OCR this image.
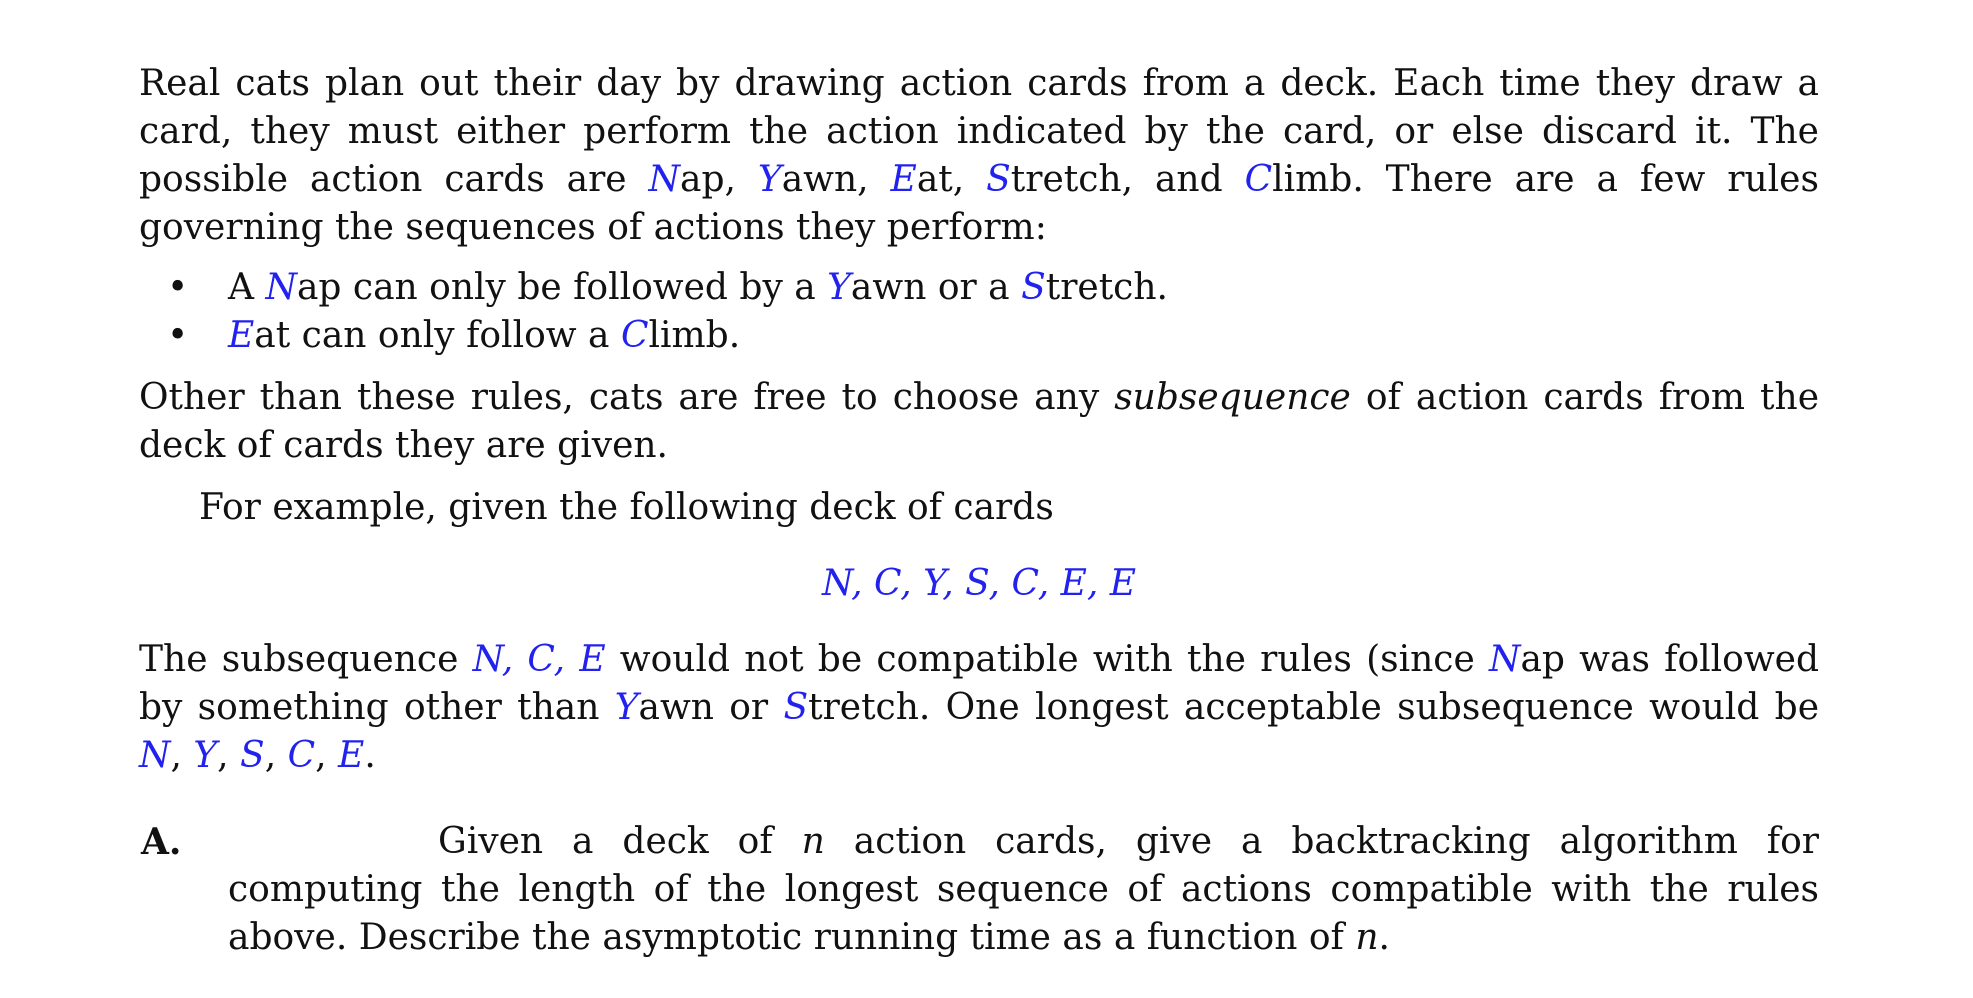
Real cats plan out their day by drawing action cards from a deck. Each time they draw a card, they must either perform the action indicated by the card, or else discard it. The possible action cards are Nap, Yawn, Eat, Stretch, and Climb. There are a few rules governing the sequences of actions they perform:

• A Nap can only be followed by a Yawn or a Stretch.
• Eat can only follow a Climb.

Other than these rules, cats are free to choose any subsequence of action cards from the deck of cards they are given.

For example, given the following deck of cards

N, C, Y, S, C, E, E

The subsequence N, C, E would not be compatible with the rules (since Nap was followed by something other than Yawn or Stretch. One longest acceptable subsequence would be N, Y, S, C, E.

A.	Given a deck of n action cards, give a backtracking algorithm for computing the length of the longest sequence of actions compatible with the rules above. Describe the asymptotic running time as a function of n.
